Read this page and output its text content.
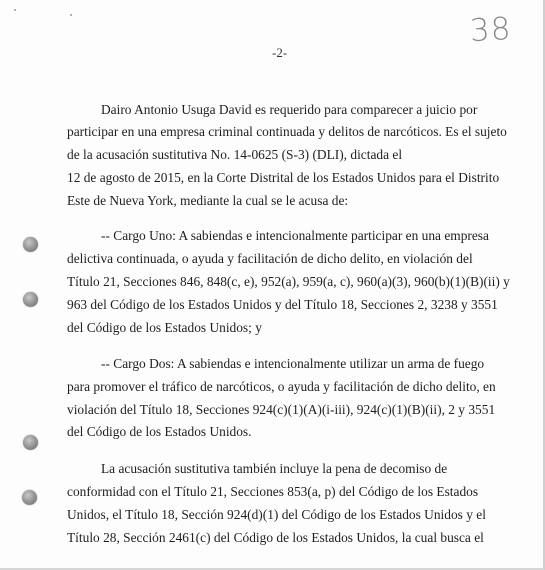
38
-2-
Dairo Antonio Usuga David es requerido para comparecer a juicio por
participar en una empresa criminal continuada y delitos de narcóticos. Es el sujeto
de la acusación sustitutiva No. 14-0625 (S-3) (DLI), dictada el
12 de agosto de 2015, en la Corte Distrital de los Estados Unidos para el Distrito
Este de Nueva York, mediante la cual se le acusa de:
-- Cargo Uno: A sabiendas e intencionalmente participar en una empresa
delictiva continuada, o ayuda y facilitación de dicho delito, en violación del
Título 21, Secciones 846, 848(c, e), 952(a), 959(a, c), 960(a)(3), 960(b)(1)(B)(ii) y
963 del Código de los Estados Unidos y del Título 18, Secciones 2, 3238 y 3551
del Código de los Estados Unidos; y
-- Cargo Dos: A sabiendas e intencionalmente utilizar un arma de fuego
para promover el tráfico de narcóticos, o ayuda y facilitación de dicho delito, en
violación del Título 18, Secciones 924(c)(1)(A)(i-iii), 924(c)(1)(B)(ii), 2 y 3551
del Código de los Estados Unidos.
La acusación sustitutiva también incluye la pena de decomiso de
conformidad con el Título 21, Secciones 853(a, p) del Código de los Estados
Unidos, el Título 18, Sección 924(d)(1) del Código de los Estados Unidos y el
Título 28, Sección 2461(c) del Código de los Estados Unidos, la cual busca el
